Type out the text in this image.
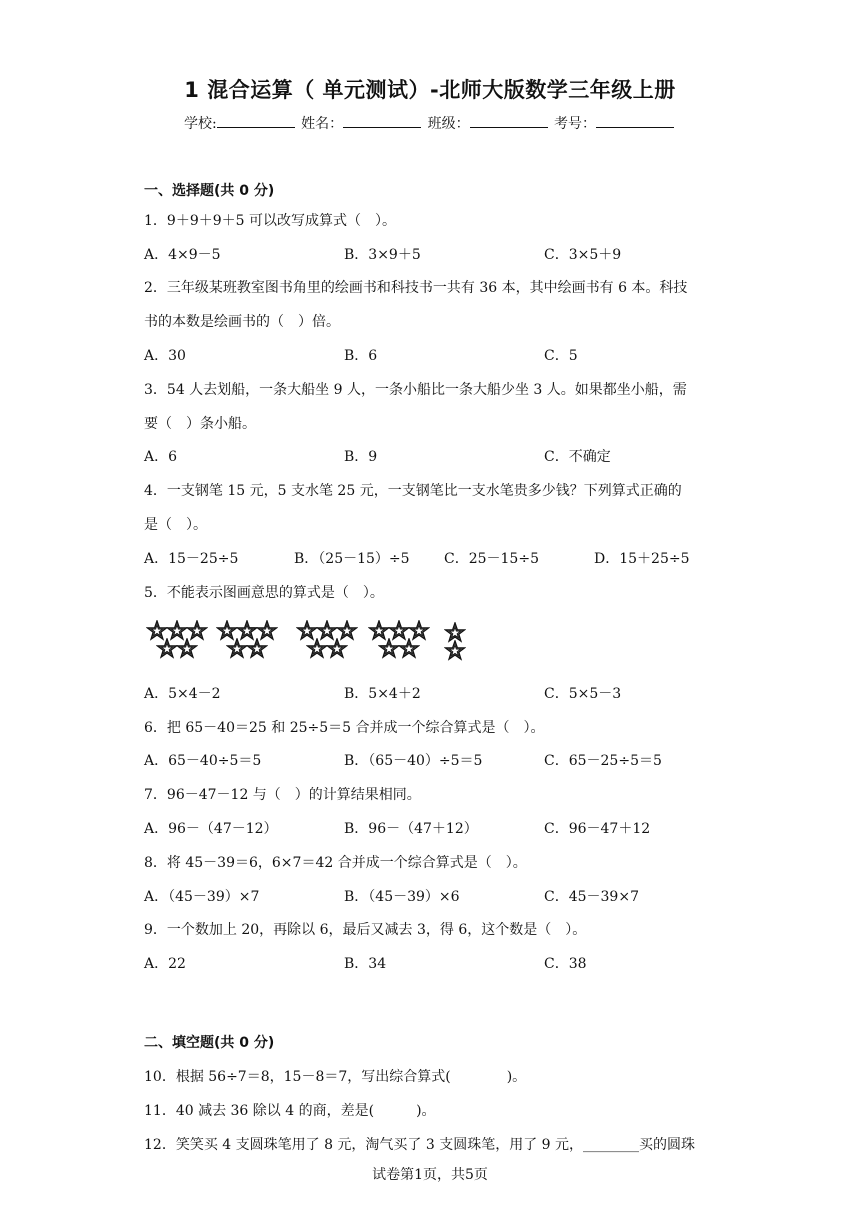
1 混合运算（ 单元测试）-北师大版数学三年级上册
学校:	姓名：	班级：	考号：
一、选择题(共 0 分)
1．9＋9＋9＋5 可以改写成算式（　）。
A．4×9－5	B．3×9＋5	C．3×5＋9
2．三年级某班教室图书角里的绘画书和科技书一共有 36 本，其中绘画书有 6 本。科技
书的本数是绘画书的（　）倍。
A．30	B．6	C．5
3．54 人去划船，一条大船坐 9 人，一条小船比一条大船少坐 3 人。如果都坐小船，需
要（　）条小船。
A．6	B．9	C．不确定
4．一支钢笔 15 元，5 支水笔 25 元，一支钢笔比一支水笔贵多少钱？下列算式正确的
是（　）。
A．15－25÷5	B．（25－15）÷5 C．25－15÷5	D．15＋25÷5
5．不能表示图画意思的算式是（　）。
A．5×4－2	B．5×4＋2	C．5×5－3
6．把 65－40＝25 和 25÷5＝5 合并成一个综合算式是（　）。
A．65－40÷5＝5	B．（65－40）÷5＝5	C．65－25÷5＝5
7．96－47－12 与（　）的计算结果相同。
A．96－（47－12）	B．96－（47＋12）	C．96－47＋12
8．将 45－39＝6，6×7＝42 合并成一个综合算式是（　）。
A．（45－39）×7	B．（45－39）×6	C．45－39×7
9．一个数加上 20，再除以 6，最后又减去 3，得 6，这个数是（　）。
A．22	B．34	C．38
二、填空题(共 0 分)
10．根据 56÷7＝8，15－8＝7，写出综合算式(　　　　)。
11．40 减去 36 除以 4 的商，差是(　　　)。
12．笑笑买 4 支圆珠笔用了 8 元，淘气买了 3 支圆珠笔，用了 9 元，________买的圆珠
试卷第1页，共5页
